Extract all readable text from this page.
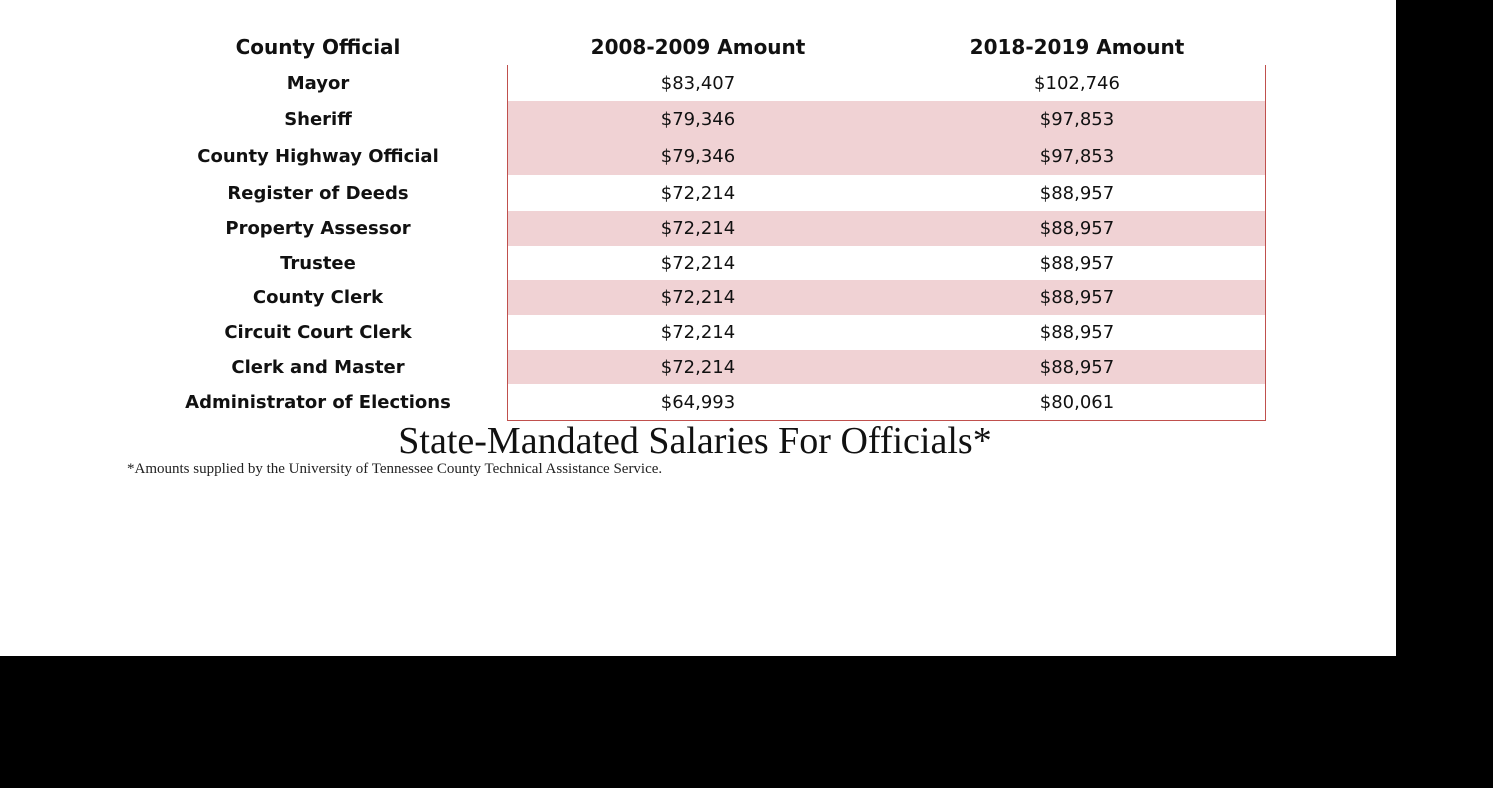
County Official	2008-2009 Amount	2018-2019 Amount
Mayor	$83,407	$102,746
Sheriff	$79,346	$97,853
County Highway Official	$79,346	$97,853
Register of Deeds	$72,214	$88,957
Property Assessor	$72,214	$88,957
Trustee	$72,214	$88,957
County Clerk	$72,214	$88,957
Circuit Court Clerk	$72,214	$88,957
Clerk and Master	$72,214	$88,957
Administrator of Elections	$64,993	$80,061
State-Mandated Salaries For Officials*
*Amounts supplied by the University of Tennessee County Technical Assistance Service.
